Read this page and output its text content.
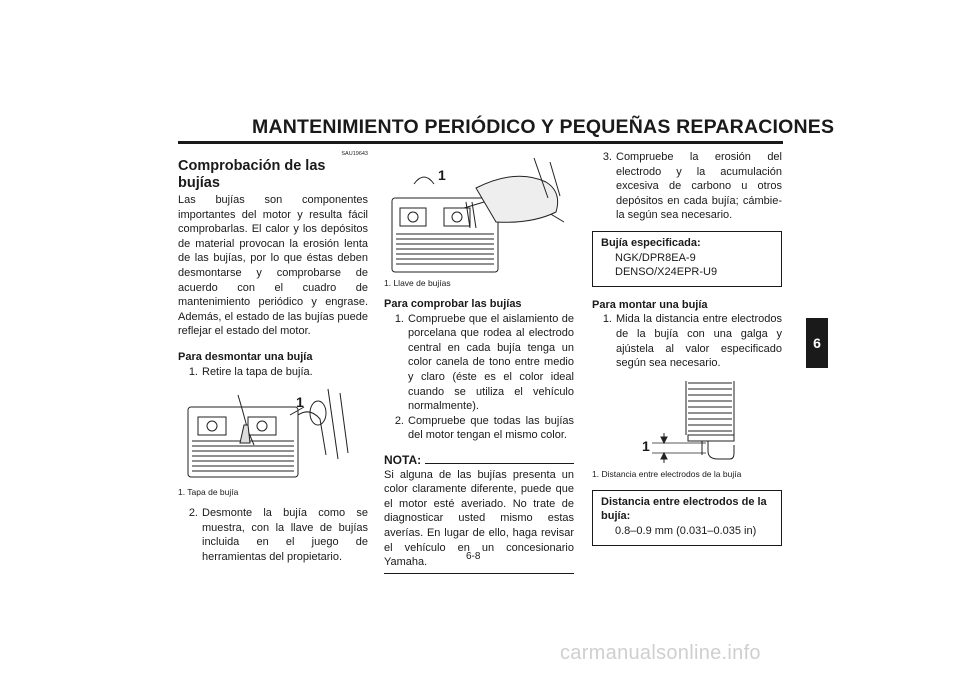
MANTENIMIENTO PERIÓDICO Y PEQUEÑAS REPARACIONES
SAU19643
Comprobación de las bujías

Las bujías son componentes importantes del motor y resulta fácil comprobarlas. El calor y los depósitos de material provocan la erosión lenta de las bujías, por lo que éstas deben desmontarse y comprobarse de acuerdo con el cuadro de mantenimiento periódico y engrase. Además, el estado de las bujías puede reflejar el estado del motor.

Para desmontar una bujía
1. Retire la tapa de bujía.
1
1. Tapa de bujía
2. Desmonte la bujía como se muestra, con la llave de bujías incluida en el juego de herramientas del propietario.
1
1. Llave de bujías
Para comprobar las bujías
1. Compruebe que el aislamiento de porcelana que rodea al electrodo central en cada bujía tenga un color canela de tono entre medio y claro (éste es el color ideal cuando se utiliza el vehículo normalmente).
2. Compruebe que todas las bujías del motor tengan el mismo color.
NOTA:

Si alguna de las bujías presenta un color claramente diferente, puede que el motor esté averiado. No trate de diagnosticar usted mismo estas averías. En lugar de ello, haga revisar el vehículo en un concesionario Yamaha.

3. Compruebe la erosión del electrodo y la acumulación excesiva de carbono u otros depósitos en cada bujía; cámbiela según sea necesario.
Bujía especificada:
NGK/DPR8EA-9
DENSO/X24EPR-U9
Para montar una bujía
1. Mida la distancia entre electrodos de la bujía con una galga y ajústela al valor especificado según sea necesario.
1
1. Distancia entre electrodos de la bujía
Distancia entre electrodos de la bujía:
0.8–0.9 mm (0.031–0.035 in)
6
6-8
carmanualsonline.info
